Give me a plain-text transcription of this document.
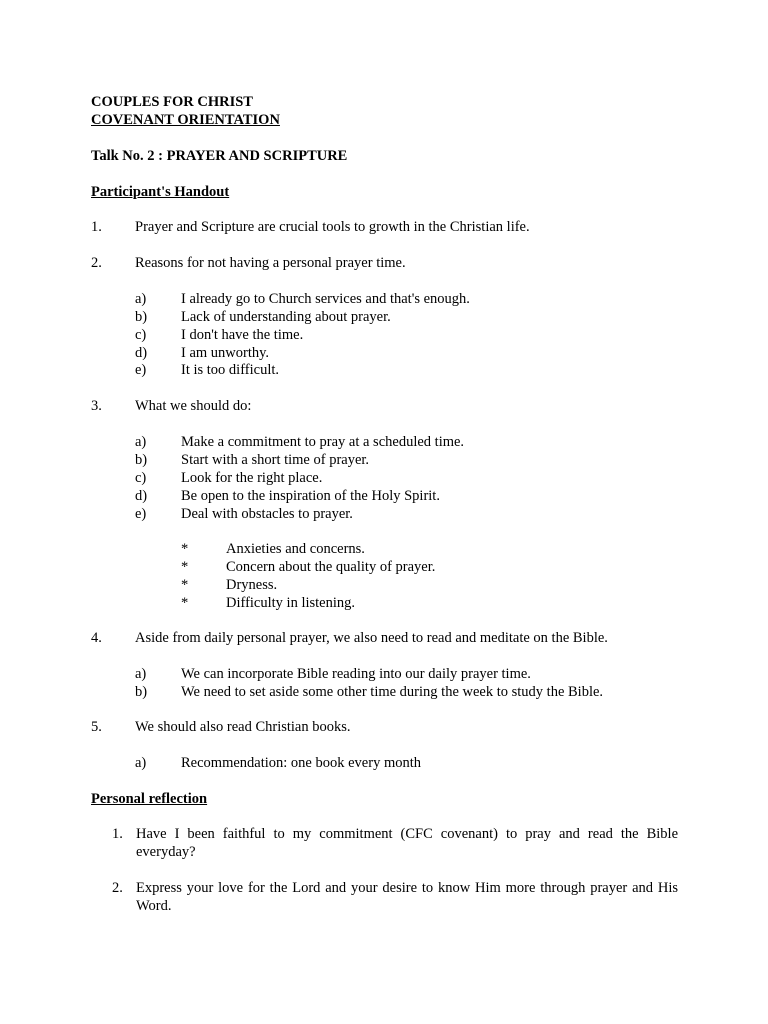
COUPLES FOR CHRIST
COVENANT ORIENTATION
Talk No. 2 : PRAYER AND SCRIPTURE
Participant's Handout
1. Prayer and Scripture are crucial tools to growth in the Christian life.
2. Reasons for not having a personal prayer time.
a) I already go to Church services and that's enough.
b) Lack of understanding about prayer.
c) I don't have the time.
d) I am unworthy.
e) It is too difficult.
3. What we should do:
a) Make a commitment to pray at a scheduled time.
b) Start with a short time of prayer.
c) Look for the right place.
d) Be open to the inspiration of the Holy Spirit.
e) Deal with obstacles to prayer.
*	Anxieties and concerns.
*	Concern about the quality of prayer.
*	Dryness.
*	Difficulty in listening.
4. Aside from daily personal prayer, we also need to read and meditate on the Bible.
a) We can incorporate Bible reading into our daily prayer time.
b) We need to set aside some other time during the week to study the Bible.
5. We should also read Christian books.
a) Recommendation: one book every month
Personal reflection
1. Have I been faithful to my commitment (CFC covenant) to pray and read the Bible everyday?
2. Express your love for the Lord and your desire to know Him more through prayer and His Word.
